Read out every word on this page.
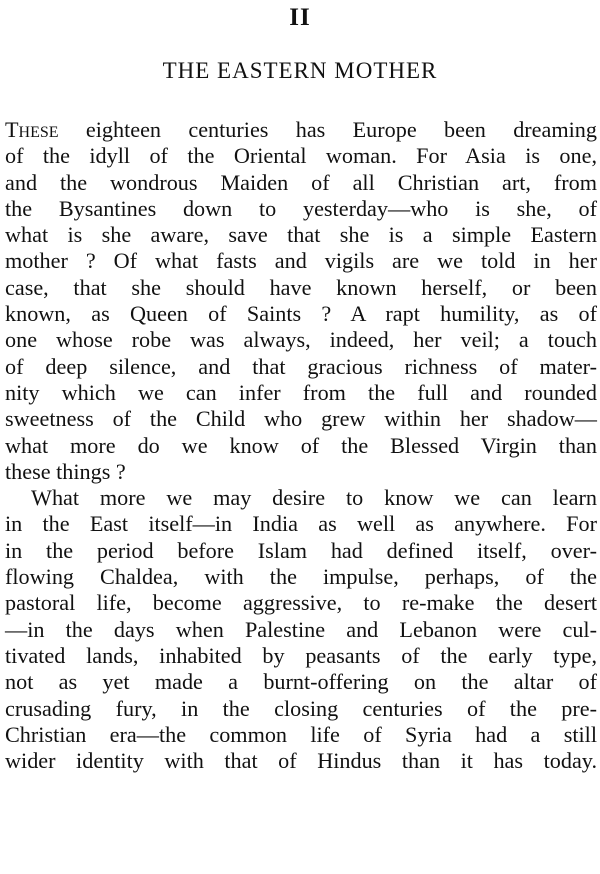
II
THE EASTERN MOTHER
These eighteen centuries has Europe been dreaming
of the idyll of the Oriental woman. For Asia is one,
and the wondrous Maiden of all Christian art, from
the Bysantines down to yesterday—who is she, of
what is she aware, save that she is a simple Eastern
mother ? Of what fasts and vigils are we told in her
case, that she should have known herself, or been
known, as Queen of Saints ? A rapt humility, as of
one whose robe was always, indeed, her veil; a touch
of deep silence, and that gracious richness of mater-
nity which we can infer from the full and rounded
sweetness of the Child who grew within her shadow—
what more do we know of the Blessed Virgin than
these things ?
What more we may desire to know we can learn
in the East itself—in India as well as anywhere. For
in the period before Islam had defined itself, over-
flowing Chaldea, with the impulse, perhaps, of the
pastoral life, become aggressive, to re-make the desert
—in the days when Palestine and Lebanon were cul-
tivated lands, inhabited by peasants of the early type,
not as yet made a burnt-offering on the altar of
crusading fury, in the closing centuries of the pre-
Christian era—the common life of Syria had a still
wider identity with that of Hindus than it has today.
